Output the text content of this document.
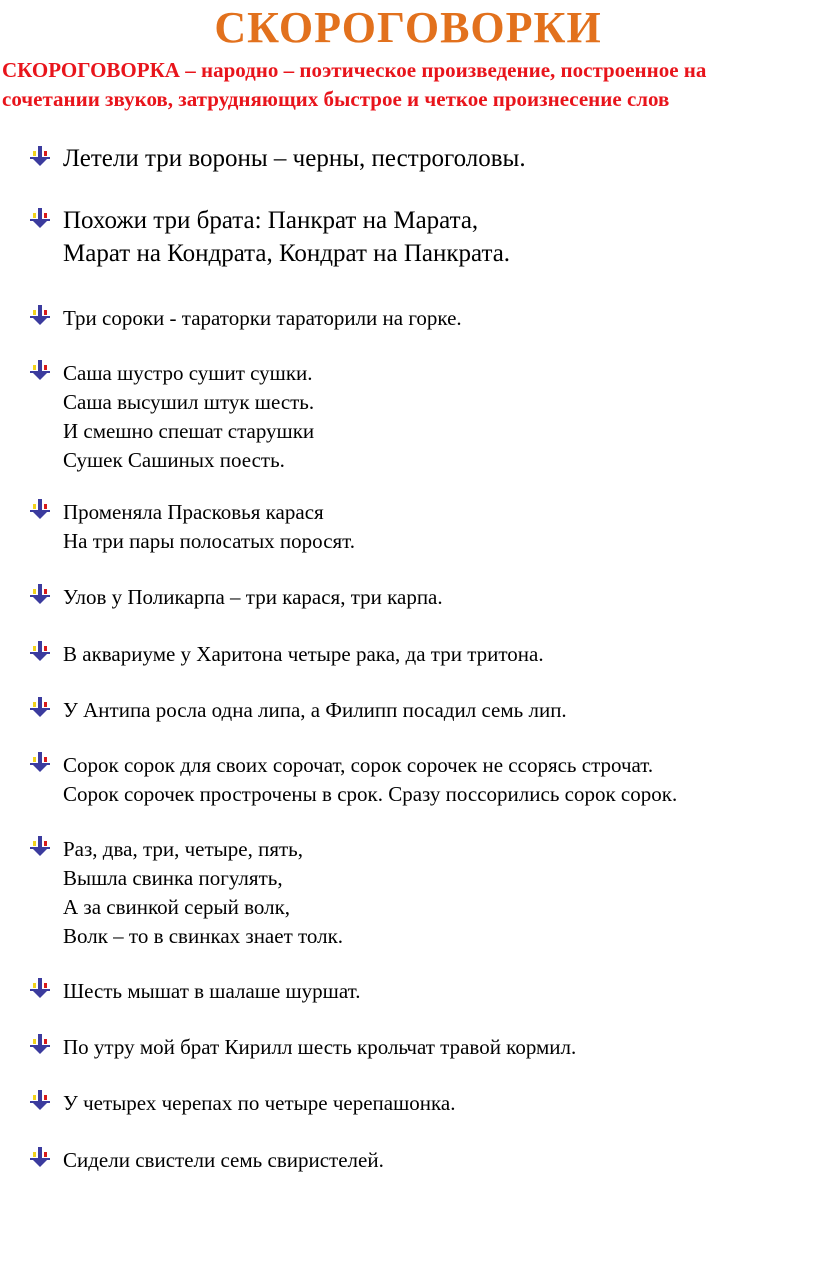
СКОРОГОВОРКИ
СКОРОГОВОРКА – народно – поэтическое произведение, построенное на
сочетании звуков, затрудняющих быстрое и четкое произнесение слов
Летели три вороны – черны, пестроголовы.
Похожи три брата: Панкрат на Марата,
Марат на Кондрата, Кондрат на Панкрата.
Три сороки - тараторки тараторили на горке.
Саша шустро сушит сушки.
Саша высушил штук шесть.
И смешно спешат старушки
Сушек Сашиных поесть.
Променяла Прасковья карася
На три пары полосатых поросят.
Улов у Поликарпа – три карася, три карпа.
В аквариуме у Харитона четыре рака, да три тритона.
У Антипа росла одна липа, а Филипп посадил семь лип.
Сорок сорок для своих сорочат, сорок сорочек не ссорясь строчат.
Сорок сорочек прострочены в срок. Сразу поссорились сорок сорок.
Раз, два, три, четыре, пять,
Вышла свинка погулять,
А за свинкой серый волк,
Волк – то в свинках знает толк.
Шесть мышат в шалаше шуршат.
По утру мой брат Кирилл шесть крольчат травой кормил.
У четырех черепах по четыре черепашонка.
Сидели свистели семь свиристелей.
